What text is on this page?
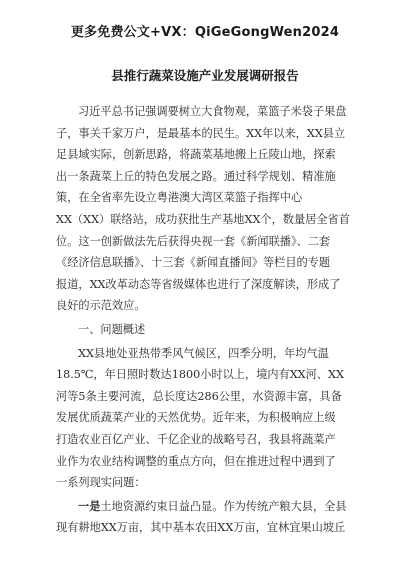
更多免费公文+VX：QiGeGongWen2024
县推行蔬菜设施产业发展调研报告
习近平总书记强调要树立大食物观，菜篮子米袋子果盘
子，事关千家万户，是最基本的民生。XX年以来，XX县立
足县域实际，创新思路，将蔬菜基地搬上丘陵山地，探索
出一条蔬菜上丘的特色发展之路。通过科学规划、精准施
策，在全省率先设立粤港澳大湾区菜篮子指挥中心
XX（XX）联络站，成功获批生产基地XX个，数量居全省首
位。这一创新做法先后获得央视一套《新闻联播》、二套
《经济信息联播》、十三套《新闻直播间》等栏目的专题
报道，XX改革动态等省级媒体也进行了深度解读，形成了
良好的示范效应。
一、问题概述
XX县地处亚热带季风气候区，四季分明，年均气温
18.5℃，年日照时数达1800小时以上，境内有XX河、XX
河等5条主要河流，总长度达286公里，水资源丰富，具备
发展优质蔬菜产业的天然优势。近年来，为积极响应上级
打造农业百亿产业、千亿企业的战略号召，我县将蔬菜产
业作为农业结构调整的重点方向，但在推进过程中遇到了
一系列现实问题：
一是土地资源约束日益凸显。作为传统产粮大县，全县
现有耕地XX万亩，其中基本农田XX万亩，宜林宜果山坡丘
